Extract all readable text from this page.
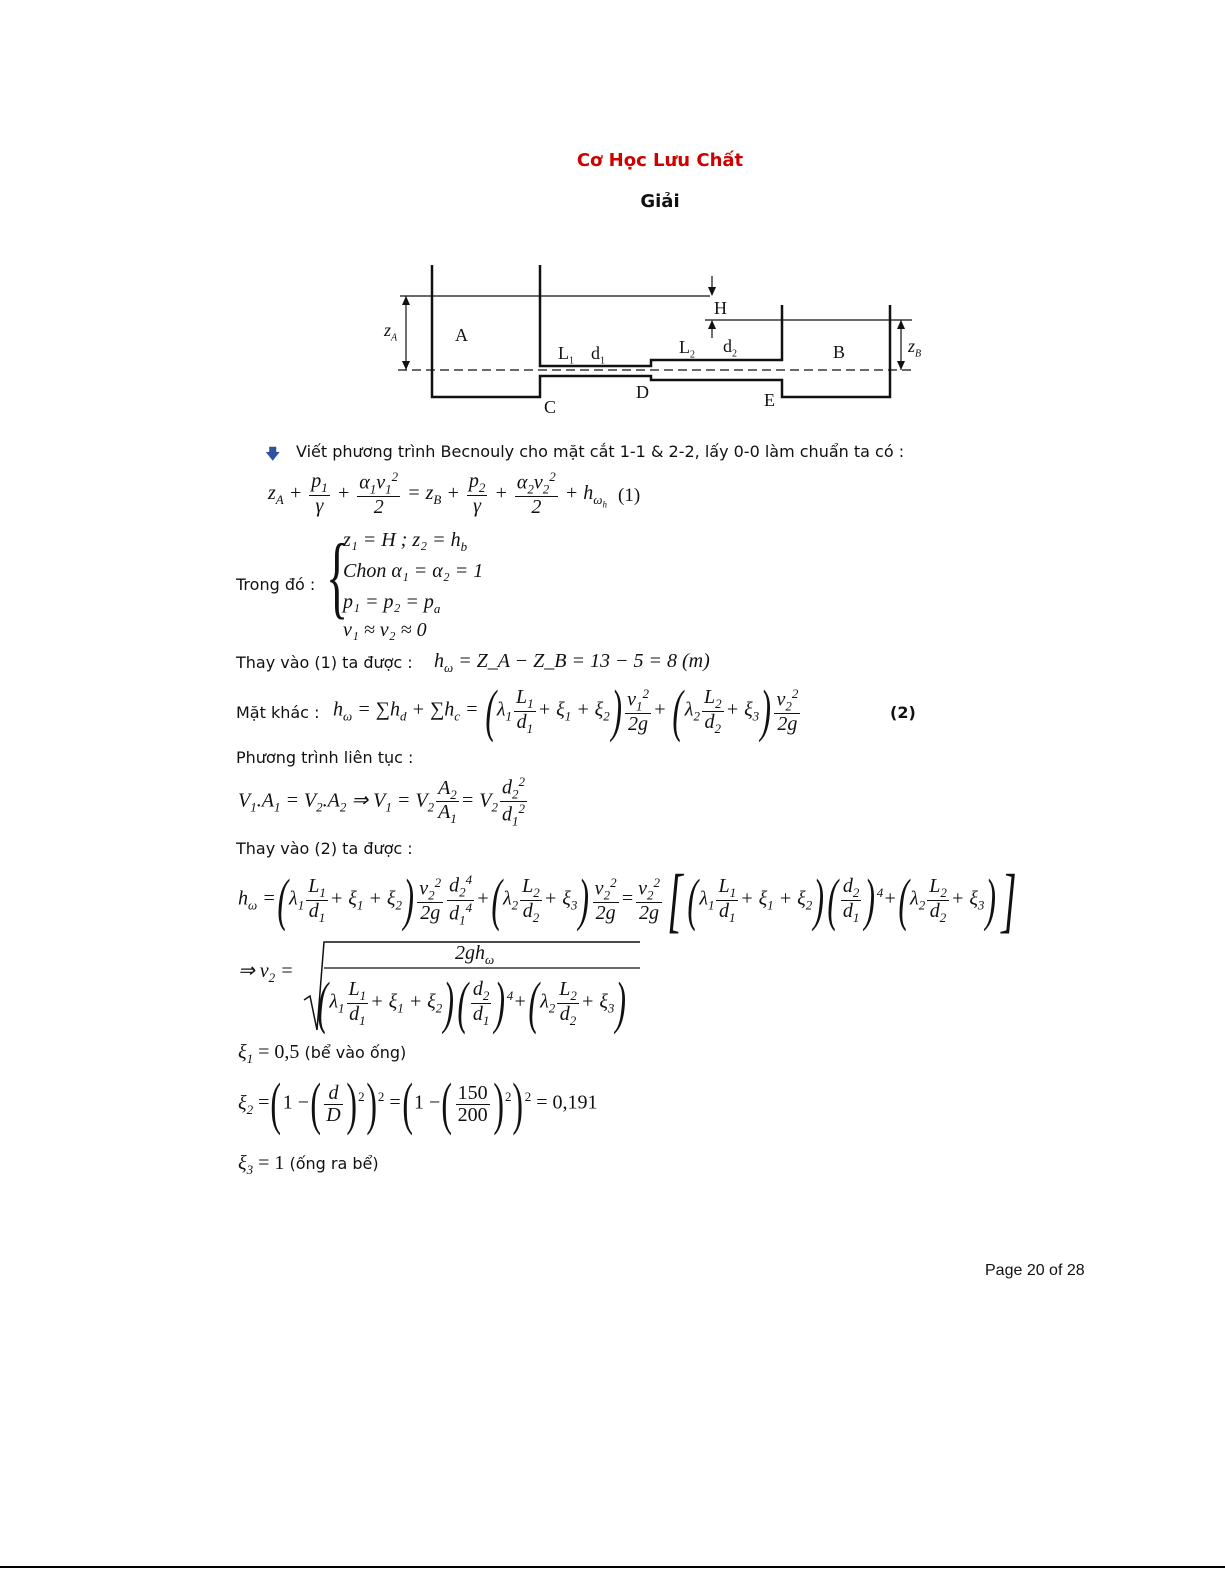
Cơ Học Lưu Chất
Giải
$z_A$	A
$L_1$ $d_1$
H
$L_2$ $d_2$	B	$z_B$
C
D	E
🡇 Viết phương trình Becnouly cho mặt cắt 1-1 & 2-2, lấy 0-0 làm chuẩn ta có :
$z_A + \frac{p_1}{\gamma} + \frac{\alpha_1v_1^2}{2} = z_B + \frac{p_2}{\gamma} + \frac{\alpha_2v_2^2}{2} + h_{\omega_h}$ (1)
Trong đó : {
z₁ = H ; $z_2 = h_b$
Chon α₁ = α₂ = 1
$p_1 = p_2 = p_a$
v₁ ≈ v₂ ≈ 0
Thay vào (1) ta được : $h_\omega$ = Z_A − Z_B = 13 − 5 = 8 (m)
Mặt khác : $h_\omega = \sum h_d + \sum h_c = (\lambda_1 \frac{L_1}{d_1} + \xi_1 + \xi_2) \frac{v_1^2}{2g} + (\lambda_2 \frac{L_2}{d_2} + \xi_3) \frac{v_2^2}{2g}$	(2)
Phương trình liên tục :
$V_1.A_1 = V_2.A_2$ ⇒ $V_1 = V_2 \frac{A_2}{A_1} = V_2 \frac{d_2^2}{d_1^2}$
Thay vào (2) ta được :
$h_\omega =(\lambda_1 \frac{L_1}{d_1} + \xi_1 + \xi_2) \frac{v_2^2}{2g} \frac{d_2^4}{d_1^4} +(\lambda_2 \frac{L_2}{d_2} + \xi_3) \frac{v_2^2}{2g} = \frac{v_2^2}{2g} [(\lambda_1 \frac{L_1}{d_1} + \xi_1 + \xi_2)( \frac{d_2}{d_1} )^4+(\lambda_2 \frac{L_2}{d_2} + \xi_3)]$
⇒ $v_2$ =
$2gh_\omega$
$(\lambda_1 \frac{L_1}{d_1} + \xi_1 + \xi_2)( \frac{d_2}{d_1} )^4+(\lambda_2 \frac{L_2}{d_2} + \xi_3)$
$\xi_1 = 0,5$ (bể vào ống)
$\xi_2 =(1$ −( $\frac{d}{D} )^2)^2 =(1$ −( $\frac{150}{200} )^2)^2 = 0,191$
$\xi_3 = 1$ (ống ra bể)
Page 20 of 28
